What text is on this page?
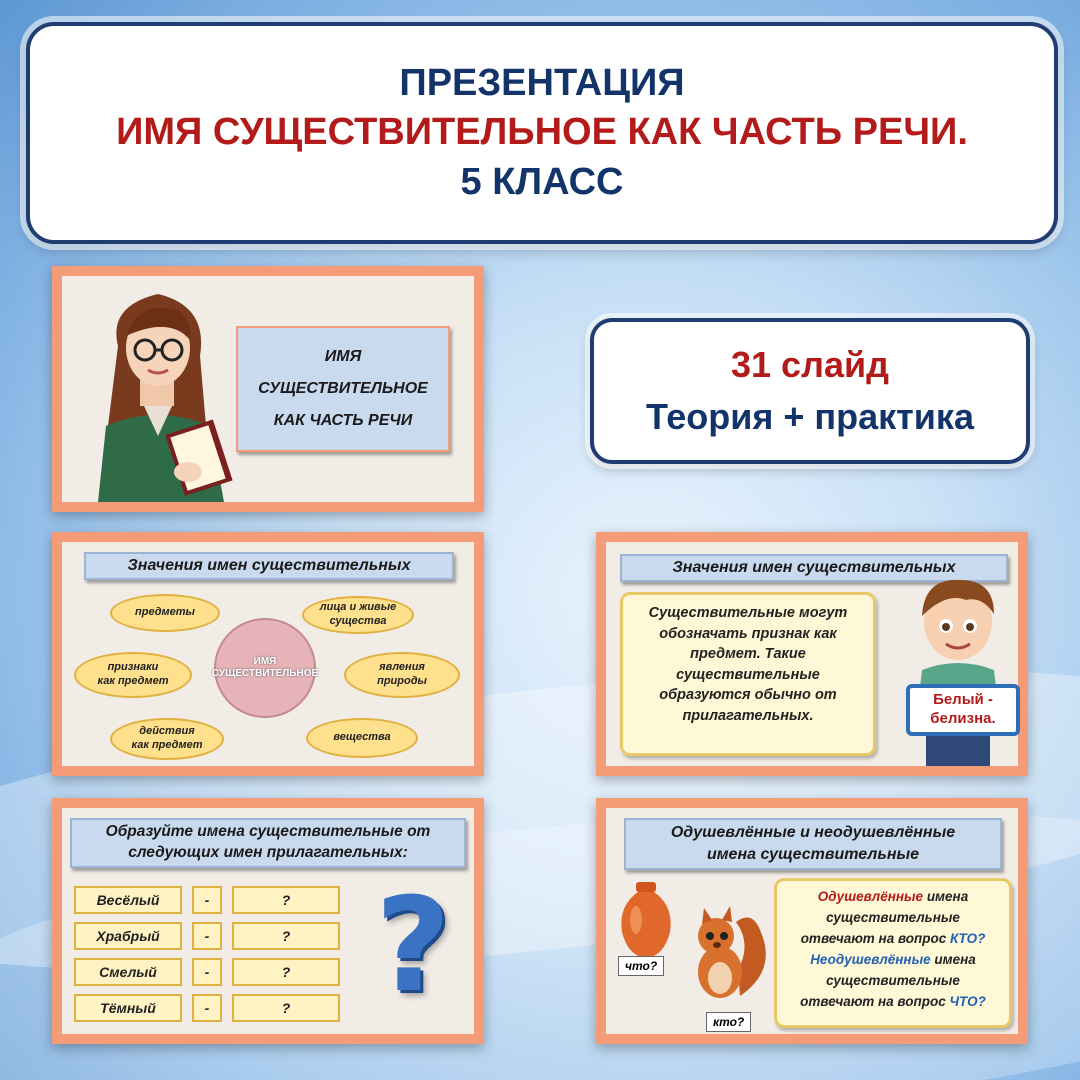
ПРЕЗЕНТАЦИЯ
ИМЯ СУЩЕСТВИТЕЛЬНОЕ КАК ЧАСТЬ РЕЧИ.
5 КЛАСС
ИМЯ
СУЩЕСТВИТЕЛЬНОЕ
КАК ЧАСТЬ РЕЧИ
31 слайд
Теория + практика
Значения имен существительных
предметы	лица и живые
существа
признаки
как предмет
ИМЯ
СУЩЕСТВИТЕЛЬНОЕ
явления
природы
действия
как предмет
вещества
Значения имен существительных
Существительные могут
обозначать признак как
предмет. Такие
существительные
образуются обычно от
прилагательных.
Белый -
белизна.
Образуйте имена существительные от
следующих имен прилагательных:
Весёлый	-	?
Храбрый	-	?
Смелый	-	?
Тёмный	-	? ?
Одушевлённые и неодушевлённые
имена существительные
что?
кто?
Одушевлённые имена
существительные
отвечают на вопрос КТО?
Неодушевлённые имена
существительные
отвечают на вопрос ЧТО?
